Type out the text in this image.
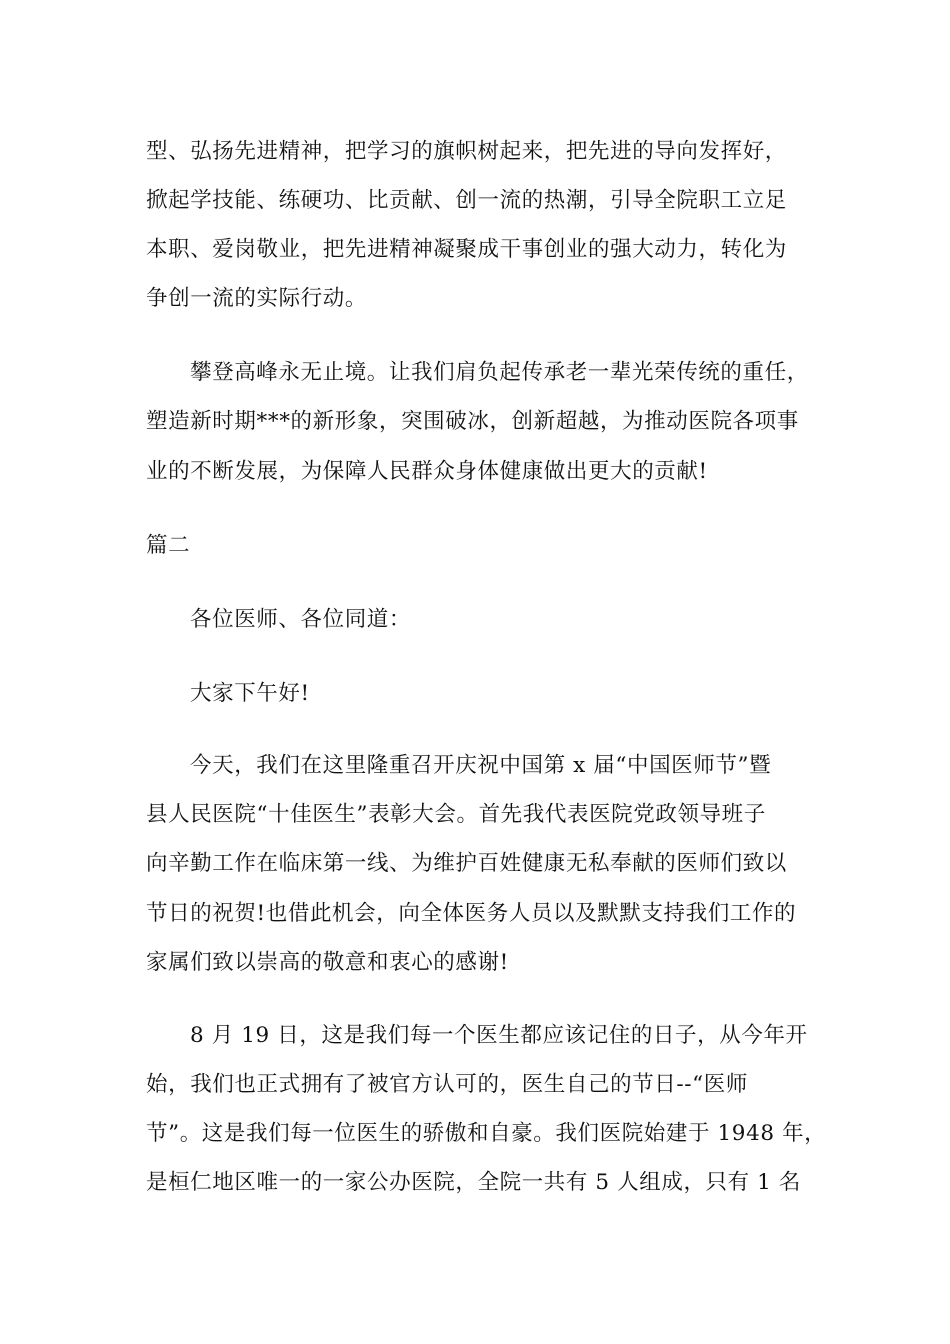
型、弘扬先进精神，把学习的旗帜树起来，把先进的导向发挥好，
掀起学技能、练硬功、比贡献、创一流的热潮，引导全院职工立足
本职、爱岗敬业，把先进精神凝聚成干事创业的强大动力，转化为
争创一流的实际行动。
攀登高峰永无止境。让我们肩负起传承老一辈光荣传统的重任，
塑造新时期***的新形象，突围破冰，创新超越，为推动医院各项事
业的不断发展，为保障人民群众身体健康做出更大的贡献!
篇二
各位医师、各位同道：
大家下午好!
今天，我们在这里隆重召开庆祝中国第 x 届“中国医师节”暨
县人民医院“十佳医生”表彰大会。首先我代表医院党政领导班子
向辛勤工作在临床第一线、为维护百姓健康无私奉献的医师们致以
节日的祝贺!也借此机会，向全体医务人员以及默默支持我们工作的
家属们致以崇高的敬意和衷心的感谢!
8 月 19 日，这是我们每一个医生都应该记住的日子，从今年开
始，我们也正式拥有了被官方认可的，医生自己的节日--“医师
节”。这是我们每一位医生的骄傲和自豪。我们医院始建于 1948 年，
是桓仁地区唯一的一家公办医院，全院一共有 5 人组成，只有 1 名
